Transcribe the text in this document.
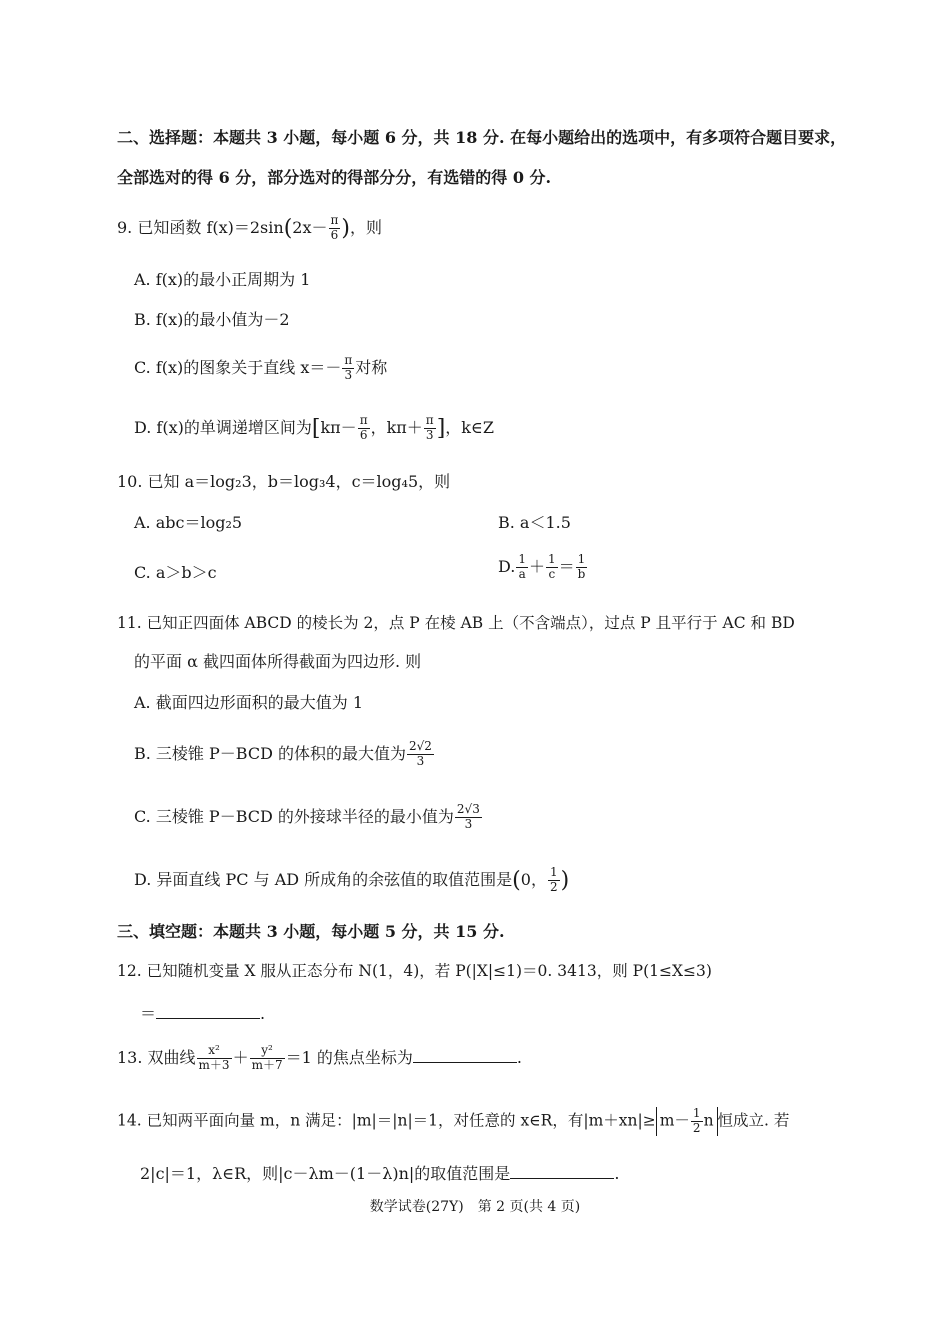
二、选择题：本题共 3 小题，每小题 6 分，共 18 分. 在每小题给出的选项中，有多项符合题目要求，
全部选对的得 6 分，部分选对的得部分分，有选错的得 0 分.
9. 已知函数 $f(x)=2\sin(2x- \frac{\pi}{6}$ )，则
A. f(x)的最小正周期为 1
B. f(x)的最小值为－2
C. f(x)的图象关于直线 $x=- \frac{\pi}{3}$ 对称
D. f(x)的单调递增区间为[$k\pi- \frac{\pi}{6}$ ，$k\pi+ \frac{\pi}{3}$ ]，k∈Z
10. 已知 a＝log₂3，b＝log₃4，c＝log₄5，则
A. abc＝log₂5	B. a＜1.5
C. a＞b＞c	D. $\frac{1}{a} + \frac{1}{c} = \frac{1}{b}$
11. 已知正四面体 ABCD 的棱长为 2，点 P 在棱 AB 上（不含端点），过点 P 且平行于 AC 和 BD
的平面 α 截四面体所得截面为四边形. 则
A. 截面四边形面积的最大值为 1
B. 三棱锥 P－BCD 的体积的最大值为 $\frac{2√2}{3}$
C. 三棱锥 P－BCD 的外接球半径的最小值为 $\frac{2√3}{3}$
D. 异面直线 PC 与 AD 所成角的余弦值的取值范围是(0， $\frac{1}{2}$ )
三、填空题：本题共 3 小题，每小题 5 分，共 15 分.
12. 已知随机变量 X 服从正态分布 N(1，4)，若 P(|X|≤1)＝0. 3413，则 P(1≤X≤3)
＝	.
13. 双曲线 $\frac{\text{x²}}{m+3} + \frac{\text{y²}}{m+7} =1$ 的焦点坐标为	.
14. 已知两平面向量 m，n 满足：|m|＝|n|＝1，对任意的 x∈R，有$|m+xn|\ge m- \frac{1}{2}$ n 恒成立. 若
2|c|＝1，λ∈R，则|c－λm－(1－λ)n|的取值范围是	.
数学试卷(27Y)　第 2 页(共 4 页)
